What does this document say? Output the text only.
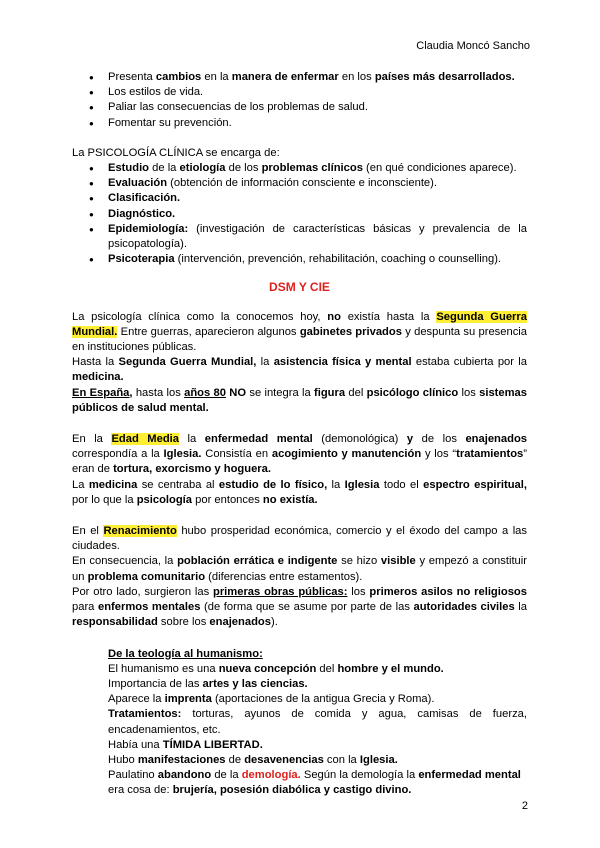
Claudia Moncó Sancho
● Presenta cambios en la manera de enfermar en los países más desarrollados.
● Los estilos de vida.
● Paliar las consecuencias de los problemas de salud.
● Fomentar su prevención.

La PSICOLOGÍA CLÍNICA se encarga de:

● Estudio de la etiología de los problemas clínicos (en qué condiciones aparece).
● Evaluación (obtención de información consciente e inconsciente).
● Clasificación.
● Diagnóstico.
● Epidemiología: (investigación de características básicas y prevalencia de la psicopatología).
● Psicoterapia (intervención, prevención, rehabilitación, coaching o counselling).
DSM Y CIE

La psicología clínica como la conocemos hoy, no existía hasta la Segunda Guerra Mundial. Entre guerras, aparecieron algunos gabinetes privados y despunta su presencia en instituciones públicas.

Hasta la Segunda Guerra Mundial, la asistencia física y mental estaba cubierta por la medicina.

En España, hasta los años 80 NO se integra la figura del psicólogo clínico los sistemas públicos de salud mental.

En la Edad Media la enfermedad mental (demonológica) y de los enajenados correspondía a la Iglesia. Consistía en acogimiento y manutención y los “tratamientos” eran de tortura, exorcismo y hoguera.

La medicina se centraba al estudio de lo físico, la Iglesia todo el espectro espiritual, por lo que la psicología por entonces no existía.

En el Renacimiento hubo prosperidad económica, comercio y el éxodo del campo a las ciudades.

En consecuencia, la población errática e indigente se hizo visible y empezó a constituir un problema comunitario (diferencias entre estamentos).

Por otro lado, surgieron las primeras obras públicas: los primeros asilos no religiosos para enfermos mentales (de forma que se asume por parte de las autoridades civiles la responsabilidad sobre los enajenados).

De la teología al humanismo:

El humanismo es una nueva concepción del hombre y el mundo.

Importancia de las artes y las ciencias.

Aparece la imprenta (aportaciones de la antigua Grecia y Roma).

Tratamientos: torturas, ayunos de comida y agua, camisas de fuerza, encadenamientos, etc.

Había una TÍMIDA LIBERTAD.

Hubo manifestaciones de desavenencias con la Iglesia.

Paulatino abandono de la demología. Según la demología la enfermedad mental era cosa de: brujería, posesión diabólica y castigo divino.

2
